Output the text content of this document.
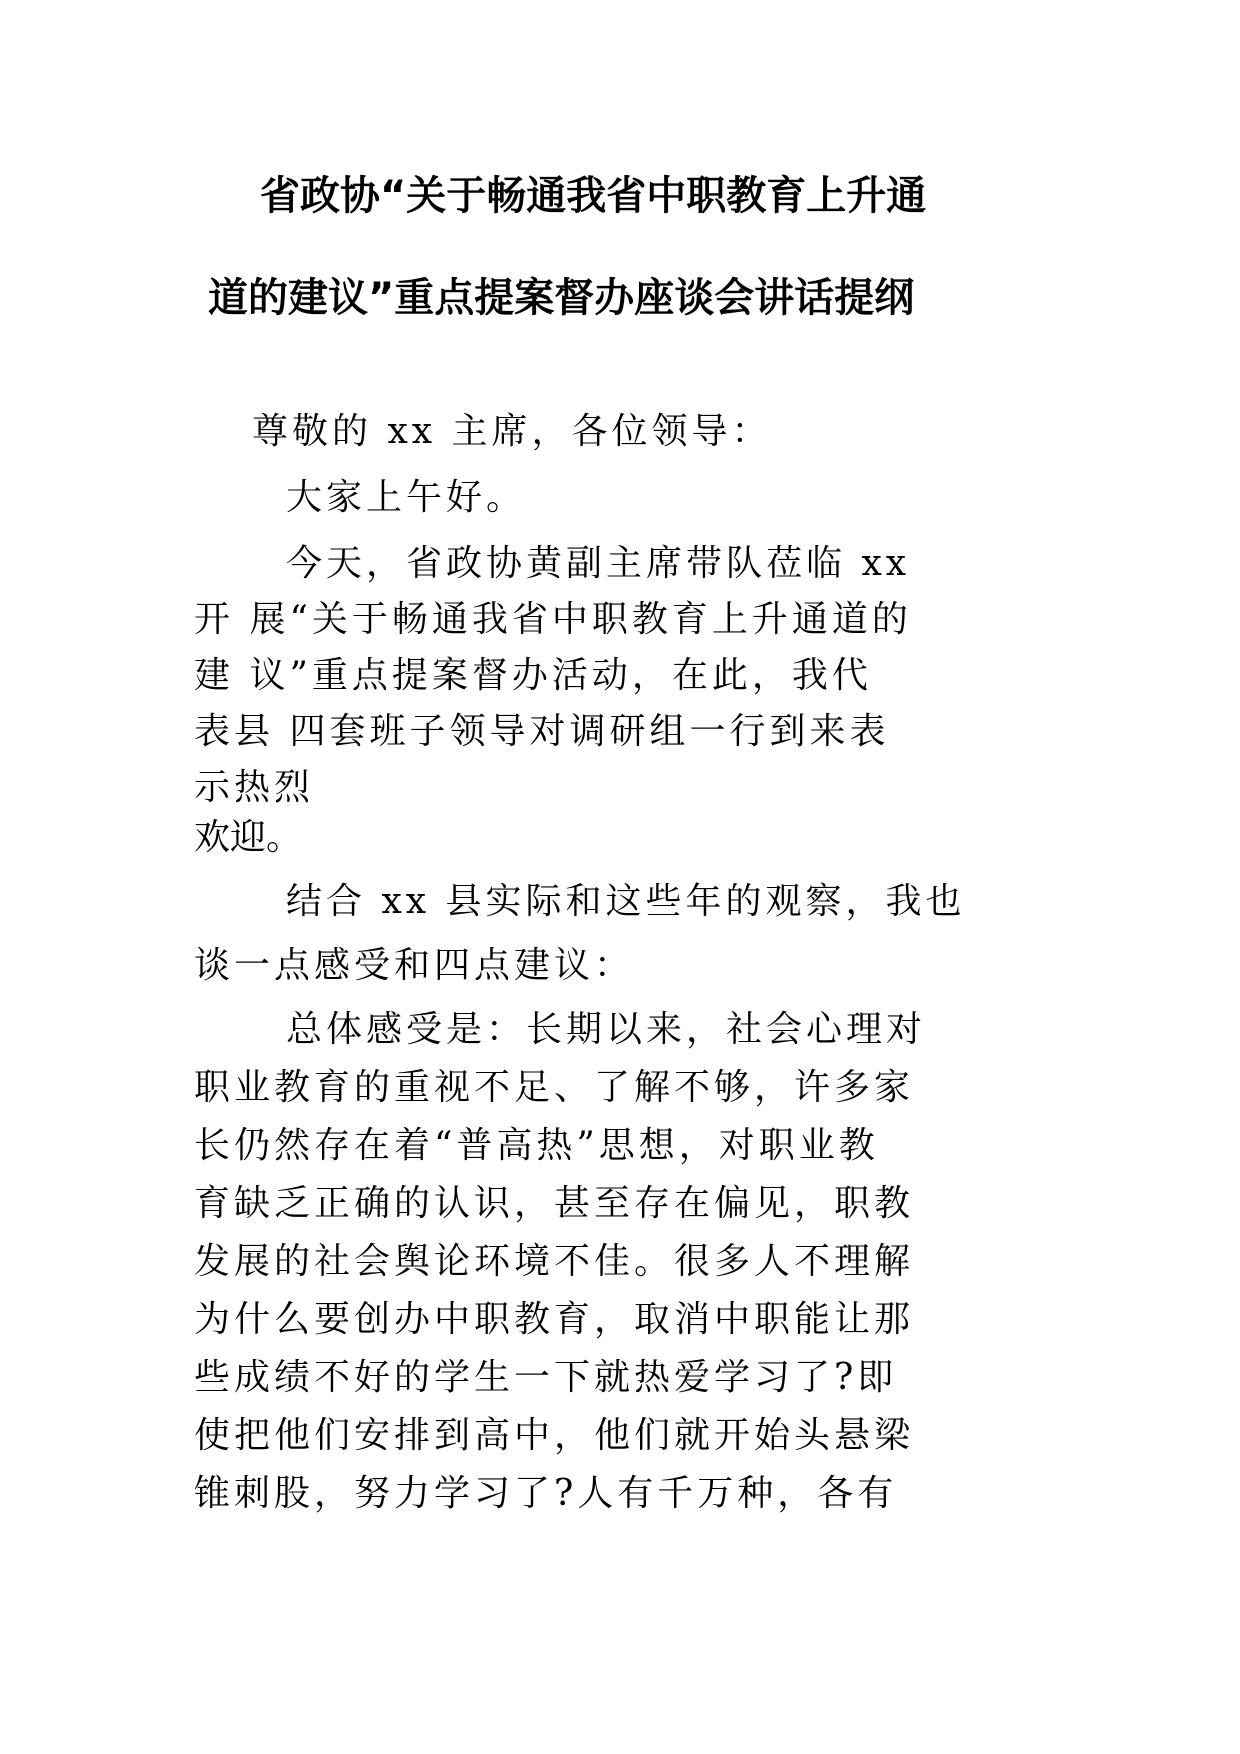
省政协“关于畅通我省中职教育上升通
道的建议”重点提案督办座谈会讲话提纲
尊敬的 xx 主席，各位领导：
大家上午好。
今天，省政协黄副主席带队莅临 xx
开 展“关于畅通我省中职教育上升通道的
建 议”重点提案督办活动，在此，我代
表县 四套班子领导对调研组一行到来表
示热烈
欢迎。
结合 xx 县实际和这些年的观察，我也
谈一点感受和四点建议：
总体感受是：长期以来，社会心理对
职业教育的重视不足、了解不够，许多家
长仍然存在着“普高热”思想，对职业教
育缺乏正确的认识，甚至存在偏见，职教
发展的社会舆论环境不佳。很多人不理解
为什么要创办中职教育，取消中职能让那
些成绩不好的学生一下就热爱学习了?即
使把他们安排到高中，他们就开始头悬梁
锥刺股，努力学习了?人有千万种，各有
